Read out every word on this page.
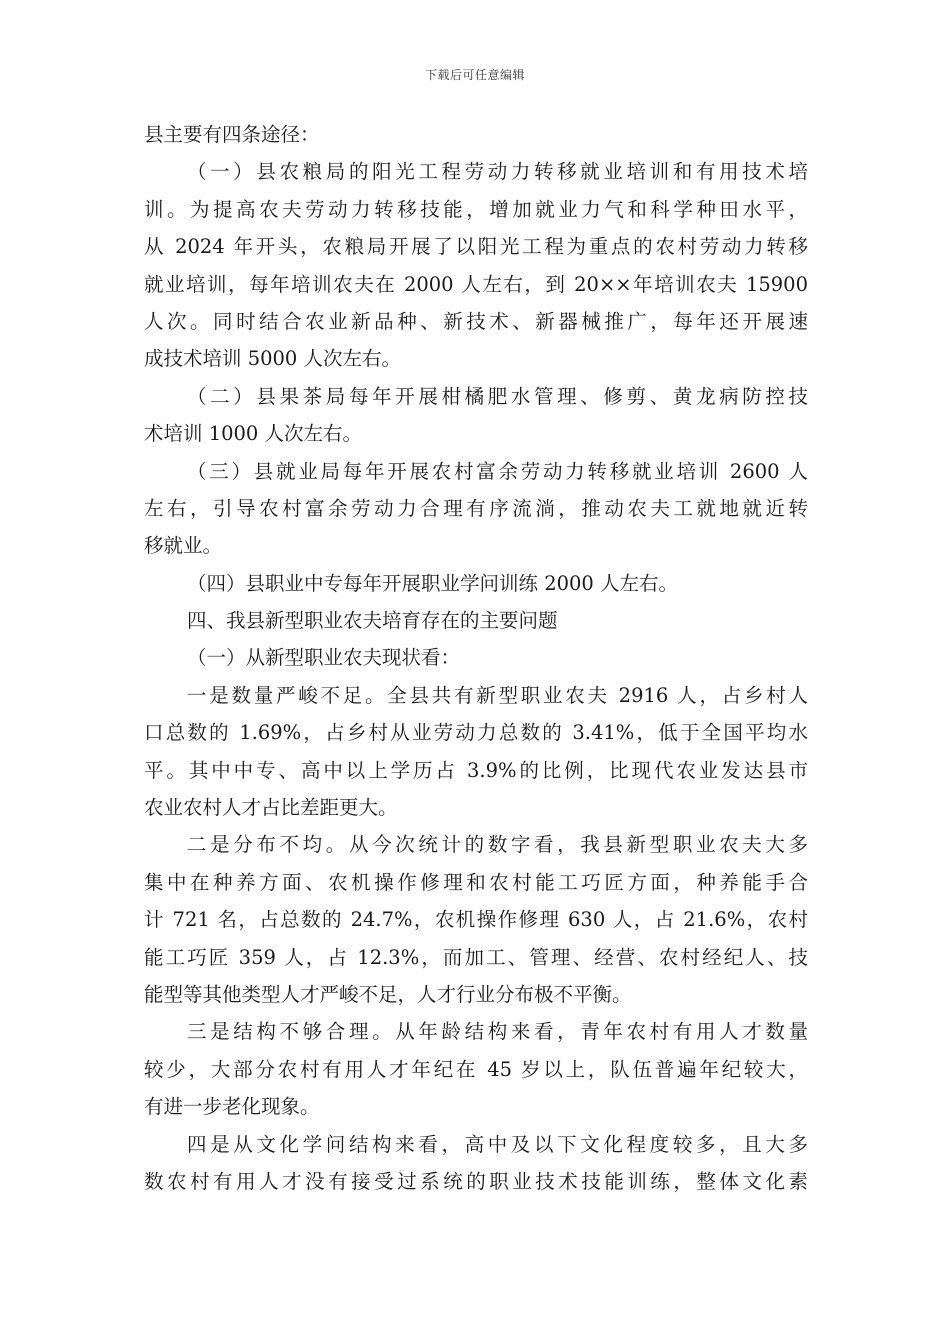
下载后可任意编辑
县主要有四条途径：
（一）县农粮局的阳光工程劳动力转移就业培训和有用技术培
训。为提高农夫劳动力转移技能，增加就业力气和科学种田水平，
从 2024 年开头，农粮局开展了以阳光工程为重点的农村劳动力转移
就业培训，每年培训农夫在 2000 人左右，到 20××年培训农夫 15900
人次。同时结合农业新品种、新技术、新器械推广，每年还开展速
成技术培训 5000 人次左右。
（二）县果茶局每年开展柑橘肥水管理、修剪、黄龙病防控技
术培训 1000 人次左右。
（三）县就业局每年开展农村富余劳动力转移就业培训 2600 人
左右，引导农村富余劳动力合理有序流淌，推动农夫工就地就近转
移就业。
（四）县职业中专每年开展职业学问训练 2000 人左右。
四、我县新型职业农夫培育存在的主要问题
（一）从新型职业农夫现状看：
一是数量严峻不足。全县共有新型职业农夫 2916 人，占乡村人
口总数的 1.69%，占乡村从业劳动力总数的 3.41%，低于全国平均水
平。其中中专、高中以上学历占 3.9%的比例，比现代农业发达县市
农业农村人才占比差距更大。
二是分布不均。从今次统计的数字看，我县新型职业农夫大多
集中在种养方面、农机操作修理和农村能工巧匠方面，种养能手合
计 721 名，占总数的 24.7%，农机操作修理 630 人，占 21.6%，农村
能工巧匠 359 人，占 12.3%，而加工、管理、经营、农村经纪人、技
能型等其他类型人才严峻不足，人才行业分布极不平衡。
三是结构不够合理。从年龄结构来看，青年农村有用人才数量
较少，大部分农村有用人才年纪在 45 岁以上，队伍普遍年纪较大，
有进一步老化现象。
四是从文化学问结构来看，高中及以下文化程度较多，且大多
数农村有用人才没有接受过系统的职业技术技能训练，整体文化素
